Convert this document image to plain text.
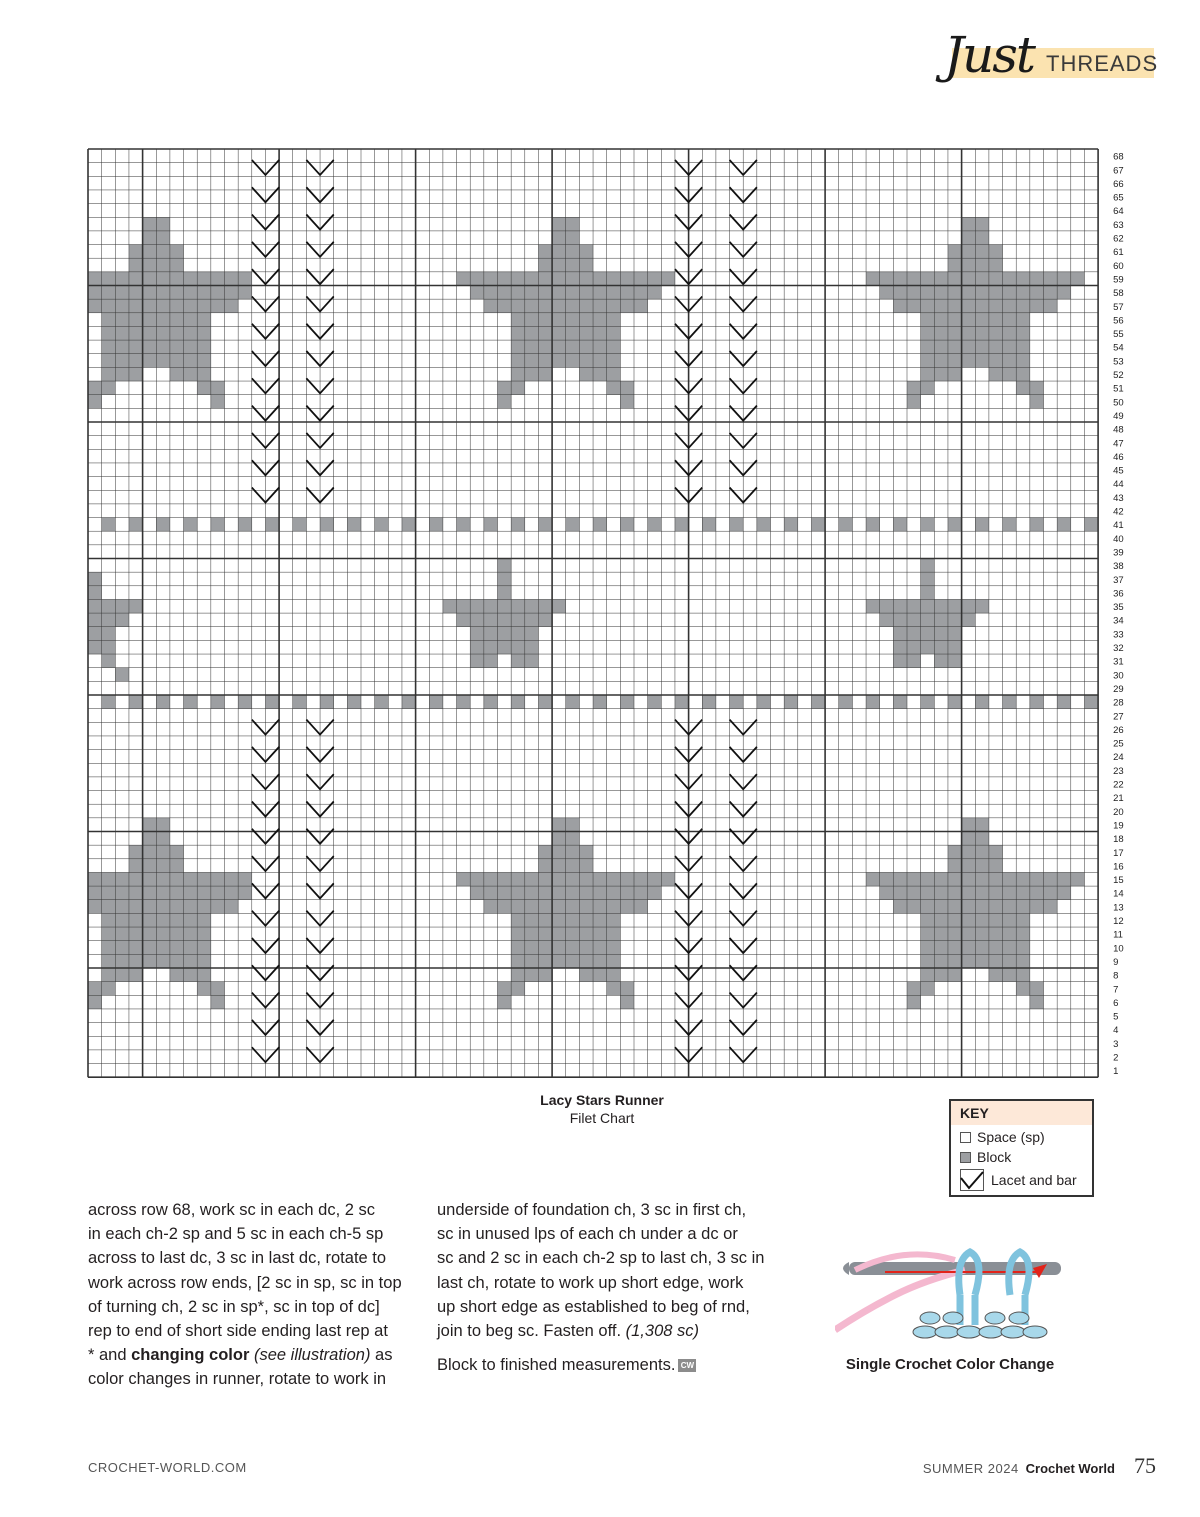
Just THREADS
1
2
3
4
5
6
7
8
9
10
11
12
13
14
15
16
17
18
19
20
21
22
23
24
25
26
27
28
29
30
31
32
33
34
35
36
37
38
39
40
41
42
43
44
45
46
47
48
49
50
51
52
53
54
55
56
57
58
59
60
61
62
63
64
65
66
67
68
Lacy Stars Runner
Filet Chart	KEY
Space (sp)
Block
Lacet and bar

across row 68, work sc in each dc, 2 sc

in each ch-2 sp and 5 sc in each ch-5 sp

across to last dc, 3 sc in last dc, rotate to

work across row ends, [2 sc in sp, sc in top

of turning ch, 2 sc in sp*, sc in top of dc]

rep to end of short side ending last rep at

* and changing color (see illustration) as

color changes in runner, rotate to work in

underside of foundation ch, 3 sc in first ch,

sc in unused lps of each ch under a dc or

sc and 2 sc in each ch-2 sp to last ch, 3 sc in

last ch, rotate to work up short edge, work

up short edge as established to beg of rnd,

join to beg sc. Fasten off. (1,308 sc)

Block to finished measurements. CW	Single Crochet Color Change
CROCHET-WORLD.COM	SUMMER 2024 Crochet World 75
